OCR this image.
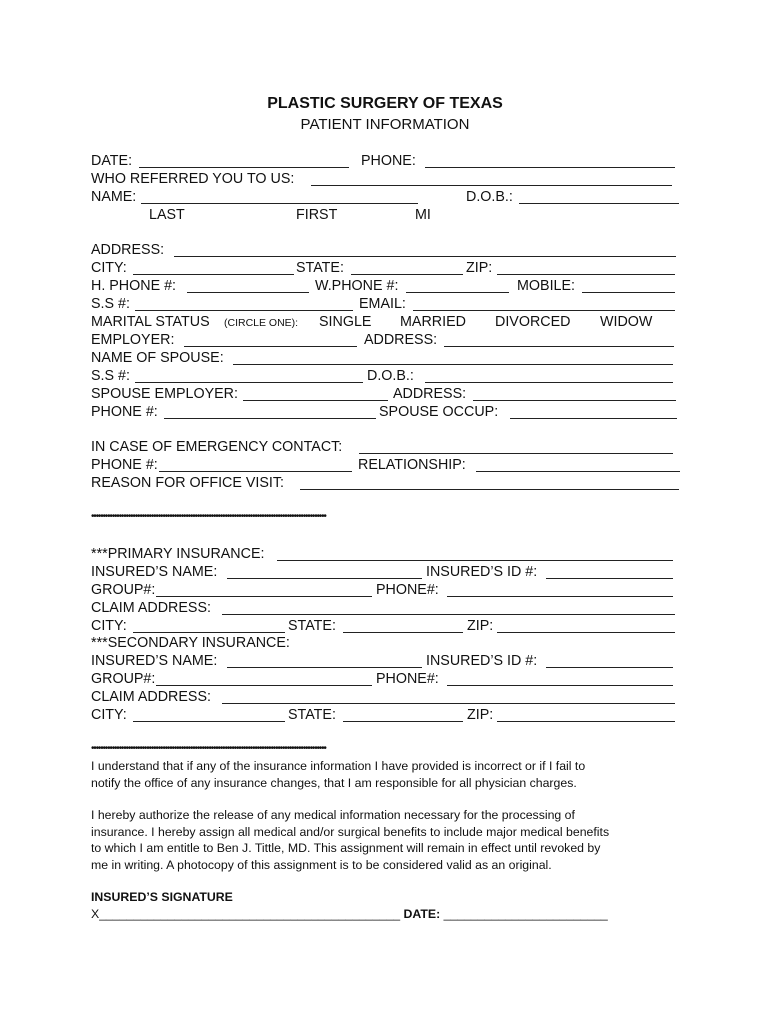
PLASTIC SURGERY OF TEXAS
PATIENT INFORMATION
DATE:	PHONE:
WHO REFERRED YOU TO US:
NAME:	D.O.B.:
LAST	FIRST	MI
ADDRESS:
CITY:	STATE:	ZIP:
H. PHONE #:	W.PHONE #:	MOBILE:
S.S #:	EMAIL:
MARITAL STATUS (CIRCLE ONE): SINGLE MARRIED DIVORCED WIDOW
EMPLOYER:	ADDRESS:
NAME OF SPOUSE:
S.S #:	D.O.B.:
SPOUSE EMPLOYER:	ADDRESS:
PHONE #:	SPOUSE OCCUP:
IN CASE OF EMERGENCY CONTACT:
PHONE #:	RELATIONSHIP:
REASON FOR OFFICE VISIT:
••••••••••••••••••••••••••••••••••••••••••••••••••••••••••••••••••••••••••••••••••••••••••••••••••••••
***PRIMARY INSURANCE:
INSURED’S NAME:	INSURED’S ID #:
GROUP#:	PHONE#:
CLAIM ADDRESS:
CITY:	STATE:	ZIP:
***SECONDARY INSURANCE:
INSURED’S NAME:	INSURED’S ID #:
GROUP#:	PHONE#:
CLAIM ADDRESS:
CITY:	STATE:	ZIP:
••••••••••••••••••••••••••••••••••••••••••••••••••••••••••••••••••••••••••••••••••••••••••••••••••••••
I understand that if any of the insurance information I have provided is incorrect or if I fail to
notify the office of any insurance changes, that I am responsible for all physician charges.
I hereby authorize the release of any medical information necessary for the processing of
insurance. I hereby assign all medical and/or surgical benefits to include major medical benefits
to which I am entitle to Ben J. Tittle, MD. This assignment will remain in effect until revoked by
me in writing. A photocopy of this assignment is to be considered valid as an original.
INSURED’S SIGNATURE
X____________________________________________ DATE: ________________________
